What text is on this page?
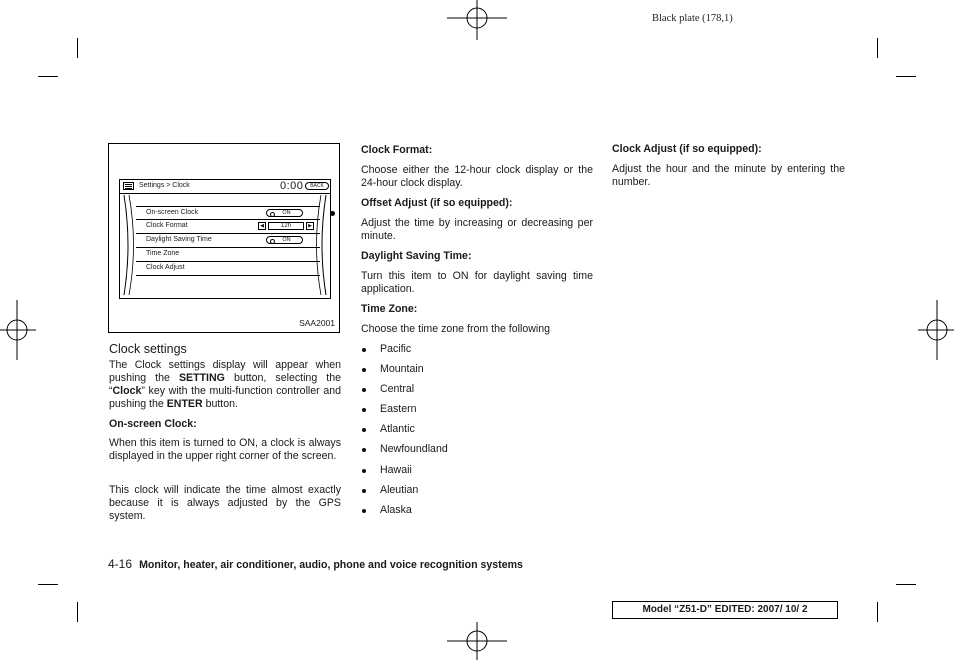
Black plate (178,1)
Settings > Clock	0:00	BACK
On-screen Clock	ON
Clock Format	◀	12h	▶
Daylight Saving Time	ON
Time Zone
Clock Adjust
SAA2001
Clock settings
The Clock settings display will appear when pushing the SETTING button, selecting the “Clock” key with the multi-function controller and pushing the ENTER button.
On-screen Clock:
When this item is turned to ON, a clock is always displayed in the upper right corner of the screen.
This clock will indicate the time almost exactly because it is always adjusted by the GPS system.
Clock Format:
Choose either the 12-hour clock display or the 24-hour clock display.
Offset Adjust (if so equipped):
Adjust the time by increasing or decreasing per minute.
Daylight Saving Time:
Turn this item to ON for daylight saving time application.
Time Zone:
Choose the time zone from the following
Pacific
Mountain
Central
Eastern
Atlantic
Newfoundland
Hawaii
Aleutian
Alaska
Clock Adjust (if so equipped):
Adjust the hour and the minute by entering the number.
4-16 Monitor, heater, air conditioner, audio, phone and voice recognition systems
Model “Z51-D” EDITED: 2007/ 10/ 2
